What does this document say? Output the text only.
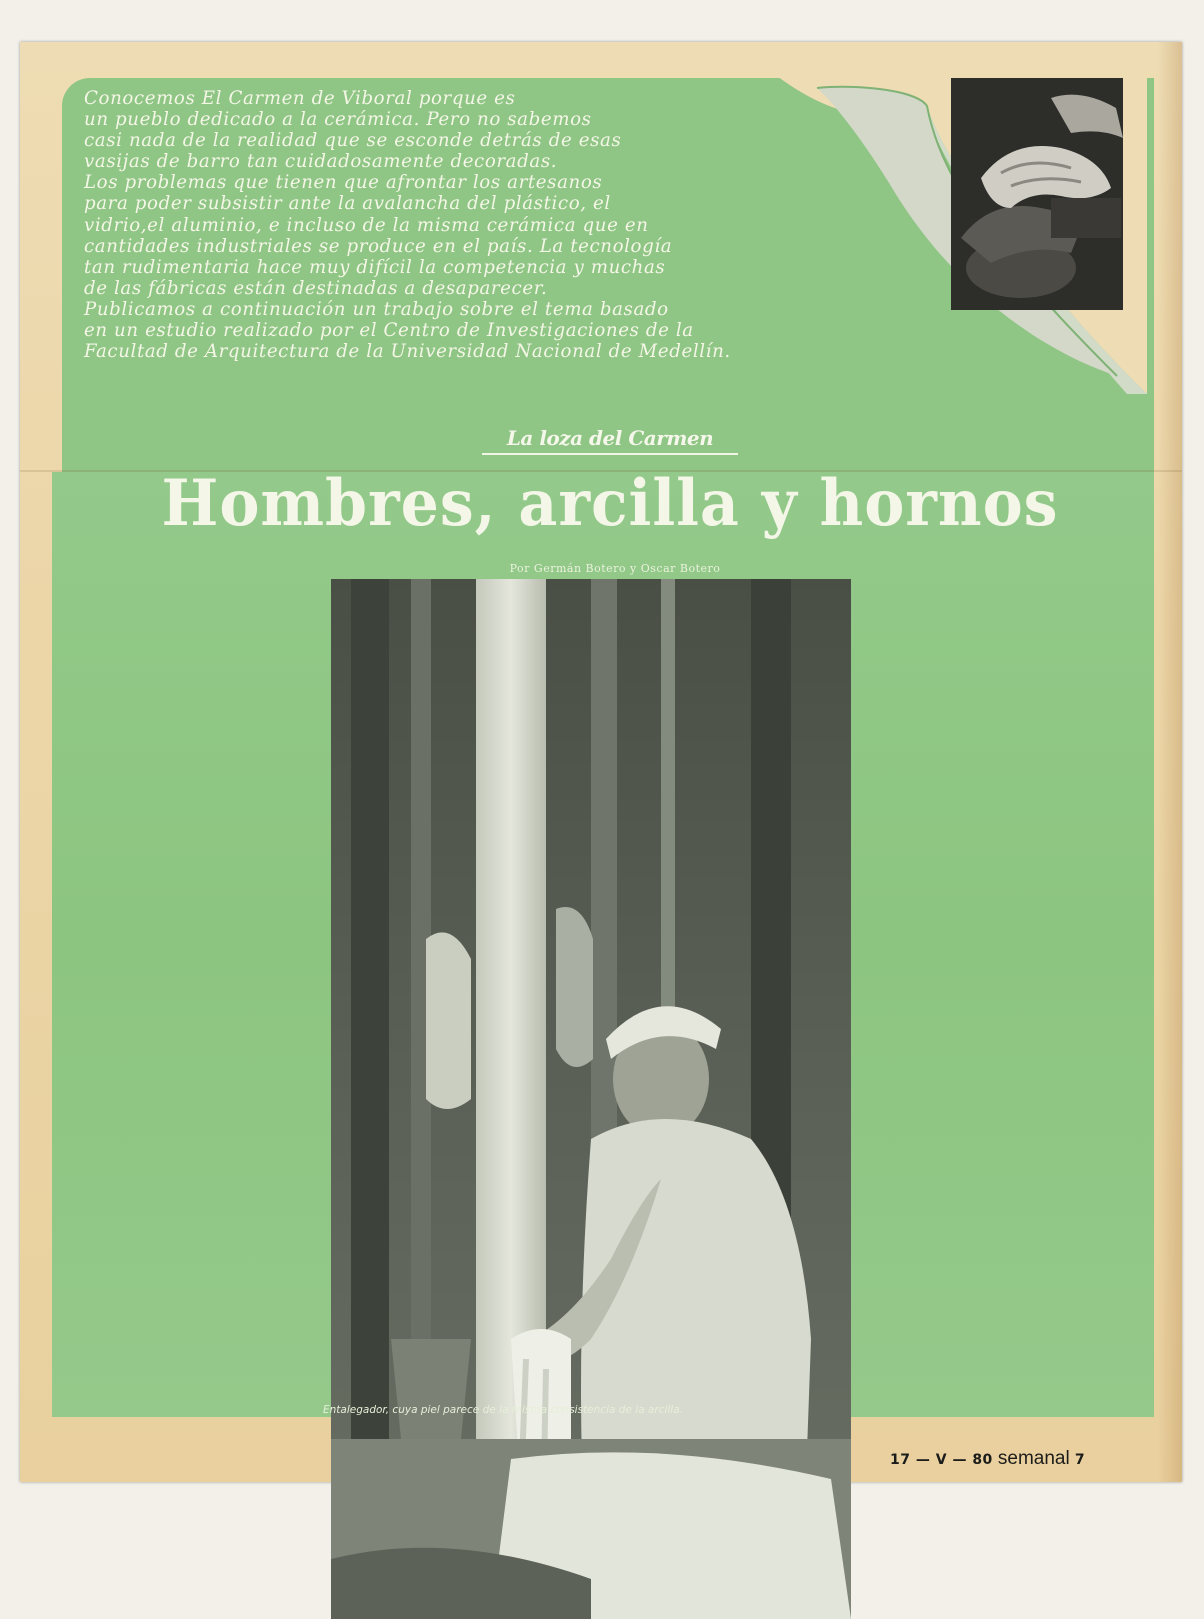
Conocemos El Carmen de Viboral porque es
un pueblo dedicado a la cerámica. Pero no sabemos
casi nada de la realidad que se esconde detrás de esas
vasijas de barro tan cuidadosamente decoradas.
Los problemas que tienen que afrontar los artesanos
para poder subsistir ante la avalancha del plástico, el
vidrio,el aluminio, e incluso de la misma cerámica que en
cantidades industriales se produce en el país. La tecnología
tan rudimentaria hace muy difícil la competencia y muchas
de las fábricas están destinadas a desaparecer.
Publicamos a continuación un trabajo sobre el tema basado
en un estudio realizado por el Centro de Investigaciones de la
Facultad de Arquitectura de la Universidad Nacional de Medellín.
La loza del Carmen
Hombres, arcilla y hornos
Por Germán Botero y Oscar Botero
Entalegador, cuya piel parece de la misma consistencia de la arcilla.
17 — V — 80 semanal 7
